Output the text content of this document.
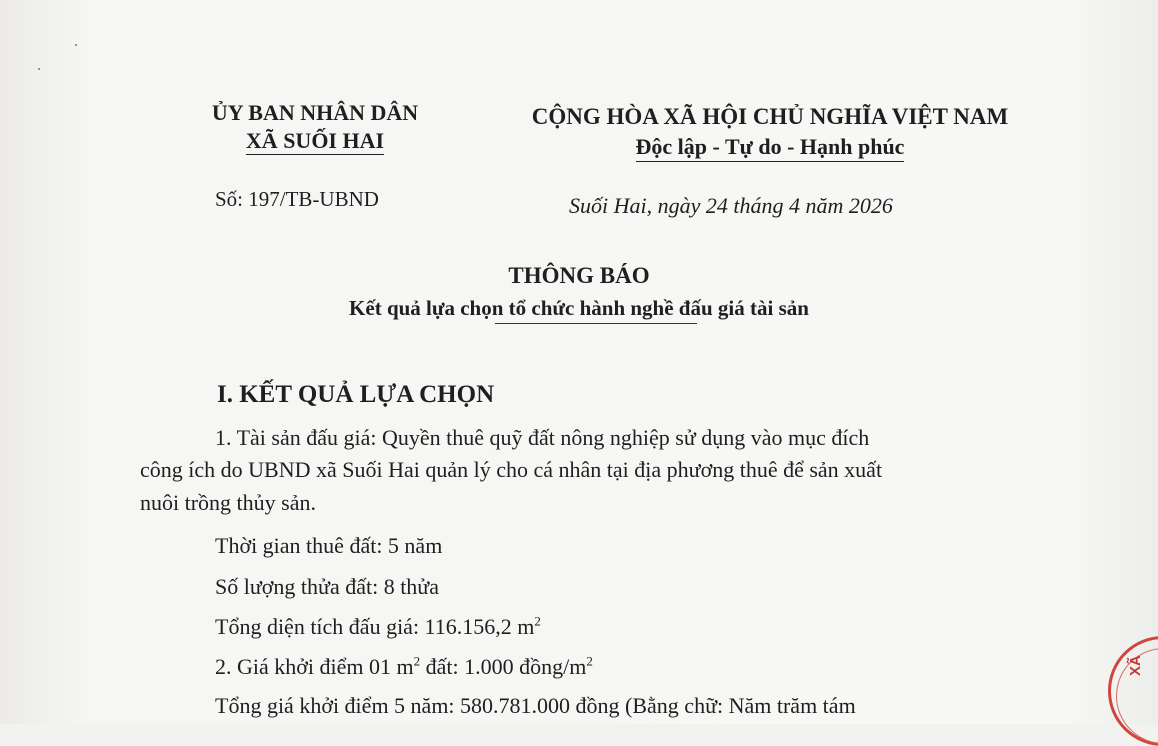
ỦY BAN NHÂN DÂN
XÃ SUỐI HAI
CỘNG HÒA XÃ HỘI CHỦ NGHĨA VIỆT NAM
Độc lập - Tự do - Hạnh phúc
Số: 197/TB-UBND	Suối Hai, ngày 24 tháng 4 năm 2026
THÔNG BÁO
Kết quả lựa chọn tổ chức hành nghề đấu giá tài sản
I. KẾT QUẢ LỰA CHỌN
1. Tài sản đấu giá: Quyền thuê quỹ đất nông nghiệp sử dụng vào mục đích
công ích do UBND xã Suối Hai quản lý cho cá nhân tại địa phương thuê để sản xuất
nuôi trồng thủy sản.
Thời gian thuê đất: 5 năm
Số lượng thửa đất: 8 thửa
Tổng diện tích đấu giá: 116.156,2 $m^2$
2. Giá khởi điểm 01 $m^2$ đất: 1.000 đồng/$m^2$
Tổng giá khởi điểm 5 năm: 580.781.000 đồng (Bằng chữ: Năm trăm tám
XÃ
